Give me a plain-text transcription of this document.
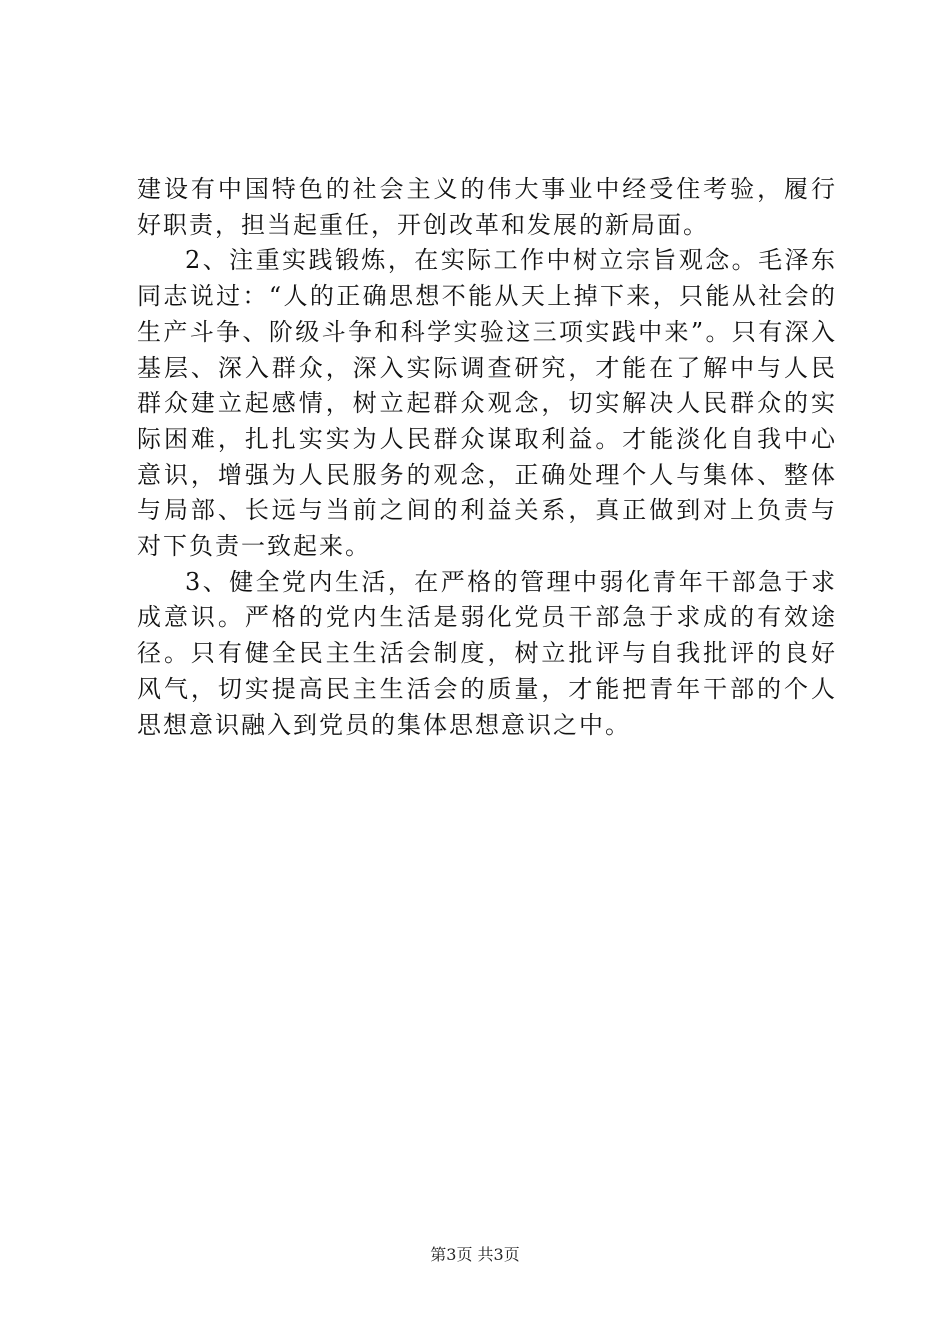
建设有中国特色的社会主义的伟大事业中经受住考验，履行好职责，担当起重任，开创改革和发展的新局面。

2、注重实践锻炼，在实际工作中树立宗旨观念。毛泽东同志说过：“人的正确思想不能从天上掉下来，只能从社会的生产斗争、阶级斗争和科学实验这三项实践中来”。只有深入基层、深入群众，深入实际调查研究，才能在了解中与人民群众建立起感情，树立起群众观念，切实解决人民群众的实际困难，扎扎实实为人民群众谋取利益。才能淡化自我中心意识，增强为人民服务的观念，正确处理个人与集体、整体与局部、长远与当前之间的利益关系，真正做到对上负责与对下负责一致起来。

3、健全党内生活，在严格的管理中弱化青年干部急于求成意识。严格的党内生活是弱化党员干部急于求成的有效途径。只有健全民主生活会制度，树立批评与自我批评的良好风气，切实提高民主生活会的质量，才能把青年干部的个人思想意识融入到党员的集体思想意识之中。

第3页 共3页
